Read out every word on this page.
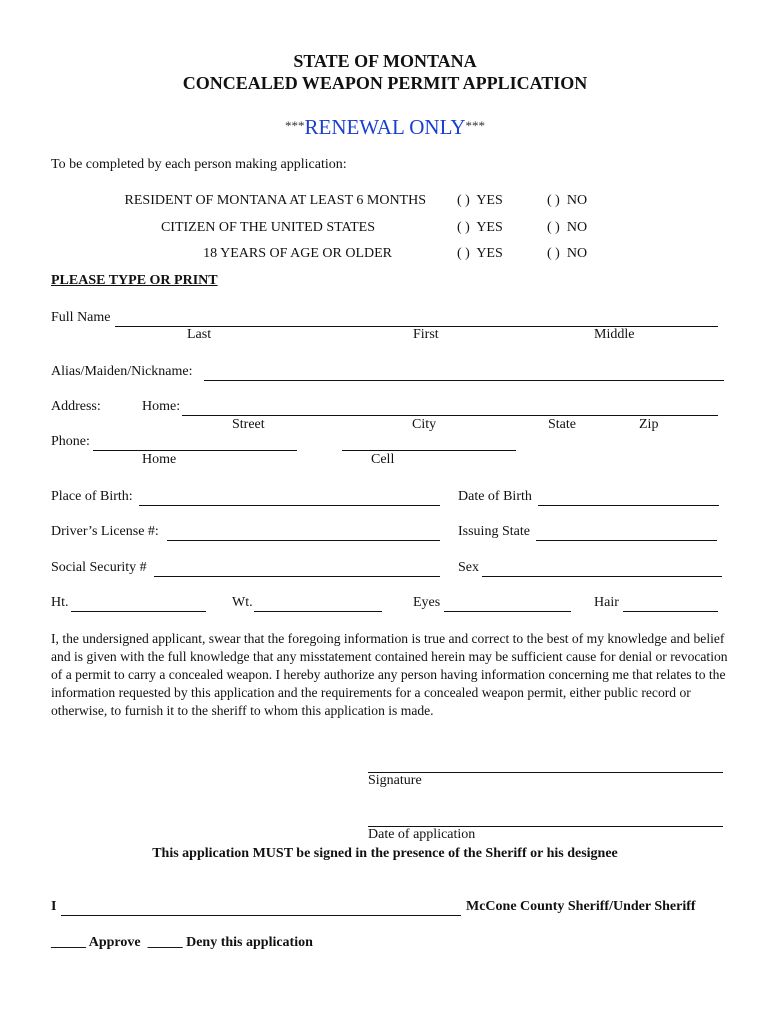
STATE OF MONTANA
CONCEALED WEAPON PERMIT APPLICATION
***RENEWAL ONLY***
To be completed by each person making application:
RESIDENT OF MONTANA AT LEAST 6 MONTHS ( ) YES	( ) NO
CITIZEN OF THE UNITED STATES	( ) YES	( ) NO
18 YEARS OF AGE OR OLDER	( ) YES	( ) NO
PLEASE TYPE OR PRINT
Full Name
Last	First	Middle
Alias/Maiden/Nickname:
Address:	Home:
Street	City	State	Zip
Phone:
Home	Cell
Place of Birth:	Date of Birth
Driver’s License #:	Issuing State
Social Security #	Sex
Ht.	Wt.	Eyes	Hair
I, the undersigned applicant, swear that the foregoing information is true and correct to the best of my knowledge and belief and is given with the full knowledge that any misstatement contained herein may be sufficient cause for denial or revocation of a permit to carry a concealed weapon. I hereby authorize any person having information concerning me that relates to the information requested by this application and the requirements for a concealed weapon permit, either public record or otherwise, to furnish it to the sheriff to whom this application is made.
Signature
Date of application
This application MUST be signed in the presence of the Sheriff or his designee
I	McCone County Sheriff/Under Sheriff
_____ Approve _____ Deny this application
